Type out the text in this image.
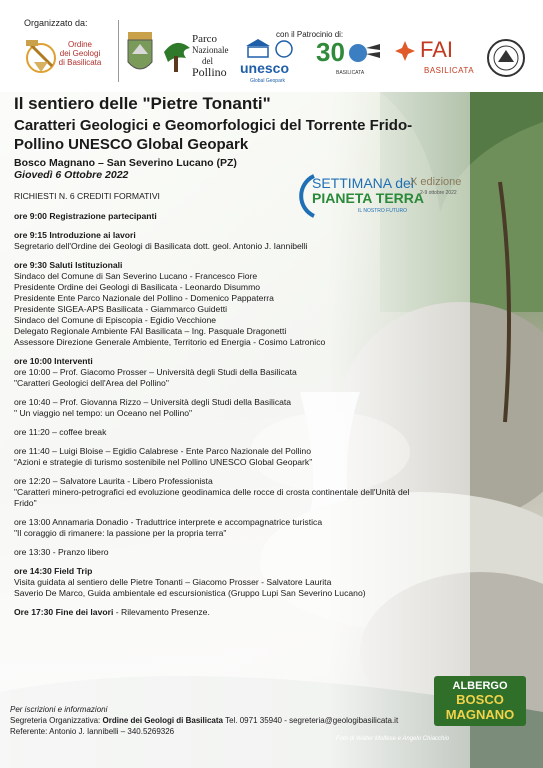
Organizzato da:
Ordine
dei Geologi
di Basilicata
con il Patrocinio di:
Parco
Nazionale
del
Pollino unesco
Global Geopark
30
BASILICATA
FAI
BASILICATA
SETTIMANA del
PIANETA TERRA
X edizione
2-9 ottobre 2022
IL NOSTRO FUTURO
Il sentiero delle "Pietre Tonanti"
Caratteri Geologici e Geomorfologici del Torrente Frido-
Pollino UNESCO Global Geopark
Bosco Magnano – San Severino Lucano (PZ)
Giovedì 6 Ottobre 2022
RICHIESTI N. 6 CREDITI FORMATIVI
ore 9:00 Registrazione partecipanti
ore 9:15 Introduzione ai lavori
Segretario dell'Ordine dei Geologi di Basilicata dott. geol. Antonio J. Iannibelli
ore 9:30 Saluti Istituzionali
Sindaco del Comune di San Severino Lucano - Francesco Fiore
Presidente Ordine dei Geologi di Basilicata - Leonardo Disummo
Presidente Ente Parco Nazionale del Pollino - Domenico Pappaterra
Presidente SIGEA-APS Basilicata - Giammarco Guidetti
Sindaco del Comune di Episcopia - Egidio Vecchione
Delegato Regionale Ambiente FAI Basilicata – Ing. Pasquale Dragonetti
Assessore Direzione Generale Ambiente, Territorio ed Energia - Cosimo Latronico
ore 10:00 Interventi
ore 10:00 – Prof. Giacomo Prosser – Università degli Studi della Basilicata
"Caratteri Geologici dell'Area del Pollino"
ore 10:40 – Prof. Giovanna Rizzo – Università degli Studi della Basilicata
" Un viaggio nel tempo: un Oceano nel Pollino"
ore 11:20 – coffee break
ore 11:40 – Luigi Bloise – Egidio Calabrese - Ente Parco Nazionale del Pollino
“Azioni e strategie di turismo sostenibile nel Pollino UNESCO Global Geopark”
ore 12:20 – Salvatore Laurita - Libero Professionista
"Caratteri minero-petrografici ed evoluzione geodinamica delle rocce di crosta continentale dell'Unità del
Frido"
ore 13:00 Annamaria Donadio - Traduttrice interprete e accompagnatrice turistica
"Il coraggio di rimanere: la passione per la propria terra"
ore 13:30 - Pranzo libero
ore 14:30 Field Trip
Visita guidata al sentiero delle Pietre Tonanti – Giacomo Prosser - Salvatore Laurita
Saverio De Marco, Guida ambientale ed escursionistica (Gruppo Lupi San Severino Lucano)
Ore 17:30 Fine dei lavori - Rilevamento Presenze.
Per iscrizioni e informazioni
Segreteria Organizzativa: Ordine dei Geologi di Basilicata Tel. 0971 35940 - segreteria@geologibasilicata.it
Referente: Antonio J. Iannibelli – 340.5269326
ALBERGO
BOSCO
MAGNANO
Foto di Walter Molfese e Angelo Chiacchio
